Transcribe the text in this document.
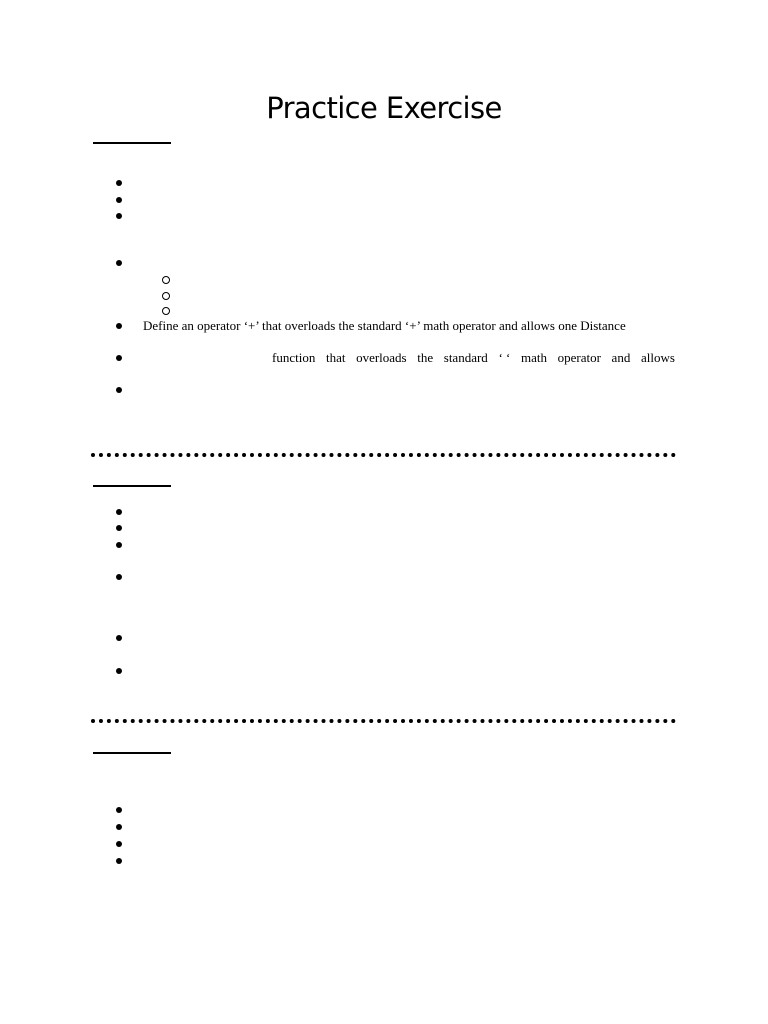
Practice Exercise
Define an operator ‘+’ that overloads the standard ‘+’ math operator and allows one Distance
function that overloads the standard ‘ ‘ math operator and allows
